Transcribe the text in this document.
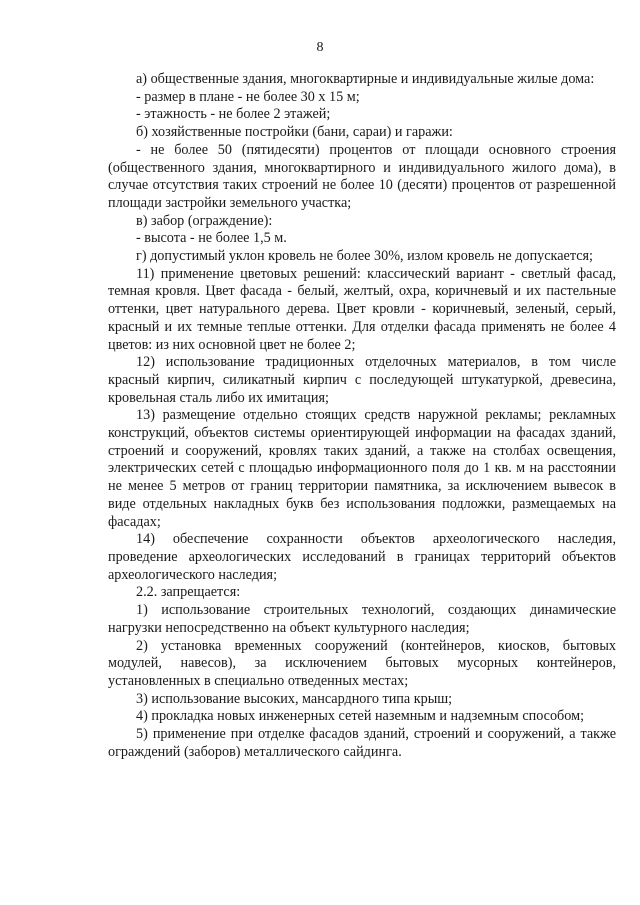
8

а) общественные здания, многоквартирные и индивидуальные жилые дома:

- размер в плане - не более 30 х 15 м;

- этажность - не более 2 этажей;

б) хозяйственные постройки (бани, сараи) и гаражи:

- не более 50 (пятидесяти) процентов от площади основного строения (общественного здания, многоквартирного и индивидуального жилого дома), в случае отсутствия таких строений не более 10 (десяти) процентов от разрешенной площади застройки земельного участка;

в) забор (ограждение):

- высота - не более 1,5 м.

г) допустимый уклон кровель не более 30%, излом кровель не допускается;

11) применение цветовых решений: классический вариант - светлый фасад, темная кровля. Цвет фасада - белый, желтый, охра, коричневый и их пастельные оттенки, цвет натурального дерева. Цвет кровли - коричневый, зеленый, серый, красный и их темные теплые оттенки. Для отделки фасада применять не более 4 цветов: из них основной цвет не более 2;

12) использование традиционных отделочных материалов, в том числе красный кирпич, силикатный кирпич с последующей штукатуркой, древесина, кровельная сталь либо их имитация;

13) размещение отдельно стоящих средств наружной рекламы; рекламных конструкций, объектов системы ориентирующей информации на фасадах зданий, строений и сооружений, кровлях таких зданий, а также на столбах освещения, электрических сетей с площадью информационного поля до 1 кв. м на расстоянии не менее 5 метров от границ территории памятника, за исключением вывесок в виде отдельных накладных букв без использования подложки, размещаемых на фасадах;

14) обеспечение сохранности объектов археологического наследия, проведение археологических исследований в границах территорий объектов археологического наследия;

2.2. запрещается:

1) использование строительных технологий, создающих динамические нагрузки непосредственно на объект культурного наследия;

2) установка временных сооружений (контейнеров, киосков, бытовых модулей, навесов), за исключением бытовых мусорных контейнеров, установленных в специально отведенных местах;

3) использование высоких, мансардного типа крыш;

4) прокладка новых инженерных сетей наземным и надземным способом;

5) применение при отделке фасадов зданий, строений и сооружений, а также ограждений (заборов) металлического сайдинга.
